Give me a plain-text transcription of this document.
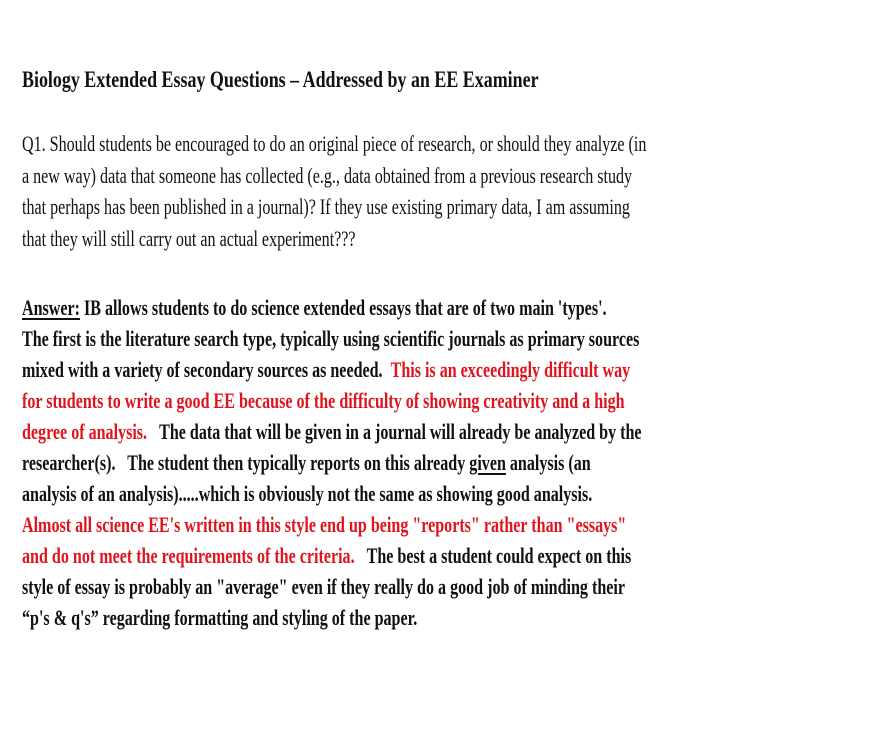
Biology Extended Essay Questions – Addressed by an EE Examiner
Q1. Should students be encouraged to do an original piece of research, or should they analyze (in
a new way) data that someone has collected (e.g., data obtained from a previous research study
that perhaps has been published in a journal)? If they use existing primary data, I am assuming
that they will still carry out an actual experiment???
Answer: IB allows students to do science extended essays that are of two main 'types'.
The first is the literature search type, typically using scientific journals as primary sources
mixed with a variety of secondary sources as needed. This is an exceedingly difficult way
for students to write a good EE because of the difficulty of showing creativity and a high
degree of analysis. The data that will be given in a journal will already be analyzed by the
researcher(s).   The student then typically reports on this already given analysis (an
analysis of an analysis).....which is obviously not the same as showing good analysis.
Almost all science EE's written in this style end up being "reports" rather than "essays"
and do not meet the requirements of the criteria. The best a student could expect on this
style of essay is probably an "average" even if they really do a good job of minding their
“p's & q's” regarding formatting and styling of the paper.
